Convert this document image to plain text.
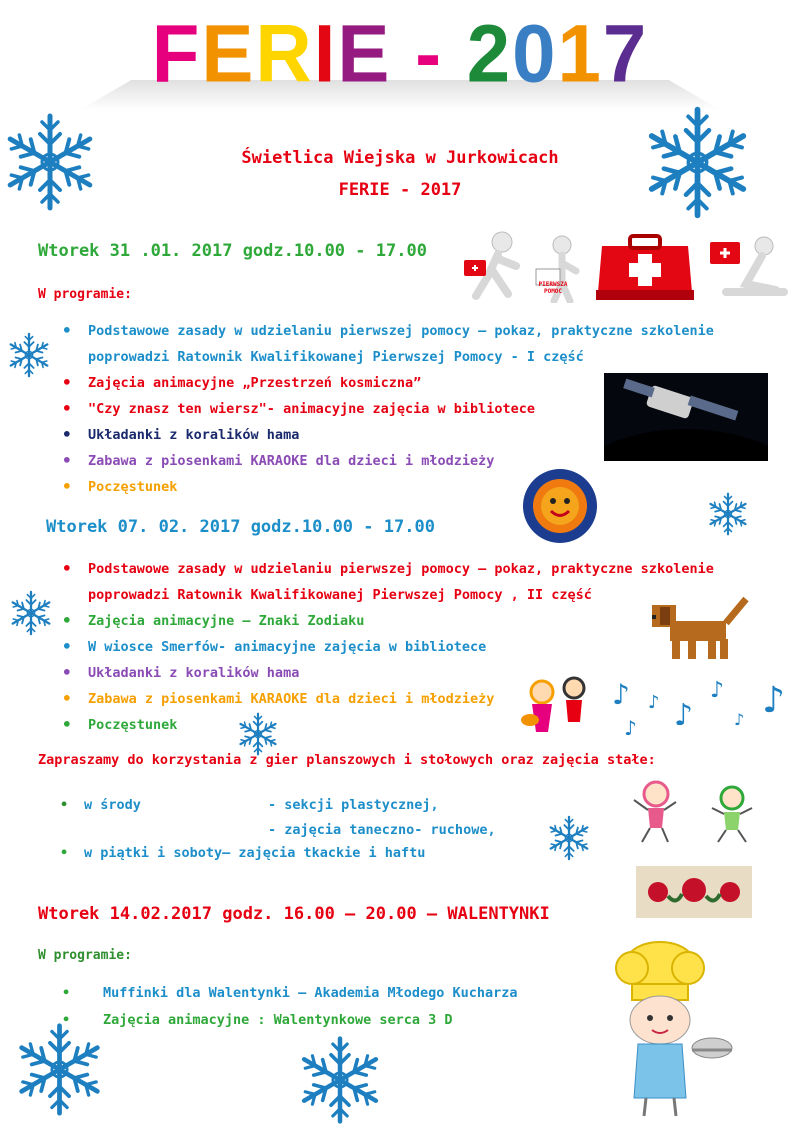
FERIE - 2017
Świetlica Wiejska w Jurkowicach
FERIE - 2017
Wtorek 31 .01. 2017 godz.10.00 - 17.00
W programie:
PIERWSZA POMOC
• Podstawowe zasady w udzielaniu pierwszej pomocy – pokaz, praktyczne szkolenie
poprowadzi Ratownik Kwalifikowanej Pierwszej Pomocy - I część
• Zajęcia animacyjne „Przestrzeń kosmiczna”
• "Czy znasz ten wiersz"- animacyjne zajęcia w bibliotece
• Układanki z koralików hama
• Zabawa z piosenkami KARAOKE dla dzieci i młodzieży
• Poczęstunek
Wtorek 07. 02. 2017 godz.10.00 - 17.00
• Podstawowe zasady w udzielaniu pierwszej pomocy – pokaz, praktyczne szkolenie
poprowadzi Ratownik Kwalifikowanej Pierwszej Pomocy , II część
• Zajęcia animacyjne – Znaki Zodiaku
• W wiosce Smerfów- animacyjne zajęcia w bibliotece
• Układanki z koralików hama
• Zabawa z piosenkami KARAOKE dla dzieci i młodzieży
• Poczęstunek
♪ ♪ ♪
♪
♪ ♪
♪
Zapraszamy do korzystania z gier planszowych i stołowych oraz zajęcia stałe:
• w środy	- sekcji plastycznej,
- zajęcia taneczno- ruchowe,
• w piątki i soboty– zajęcia tkackie i haftu
Wtorek 14.02.2017 godz. 16.00 – 20.00 – WALENTYNKI
W programie:
• Muffinki dla Walentynki – Akademia Młodego Kucharza
• Zajęcia animacyjne : Walentynkowe serca 3 D
